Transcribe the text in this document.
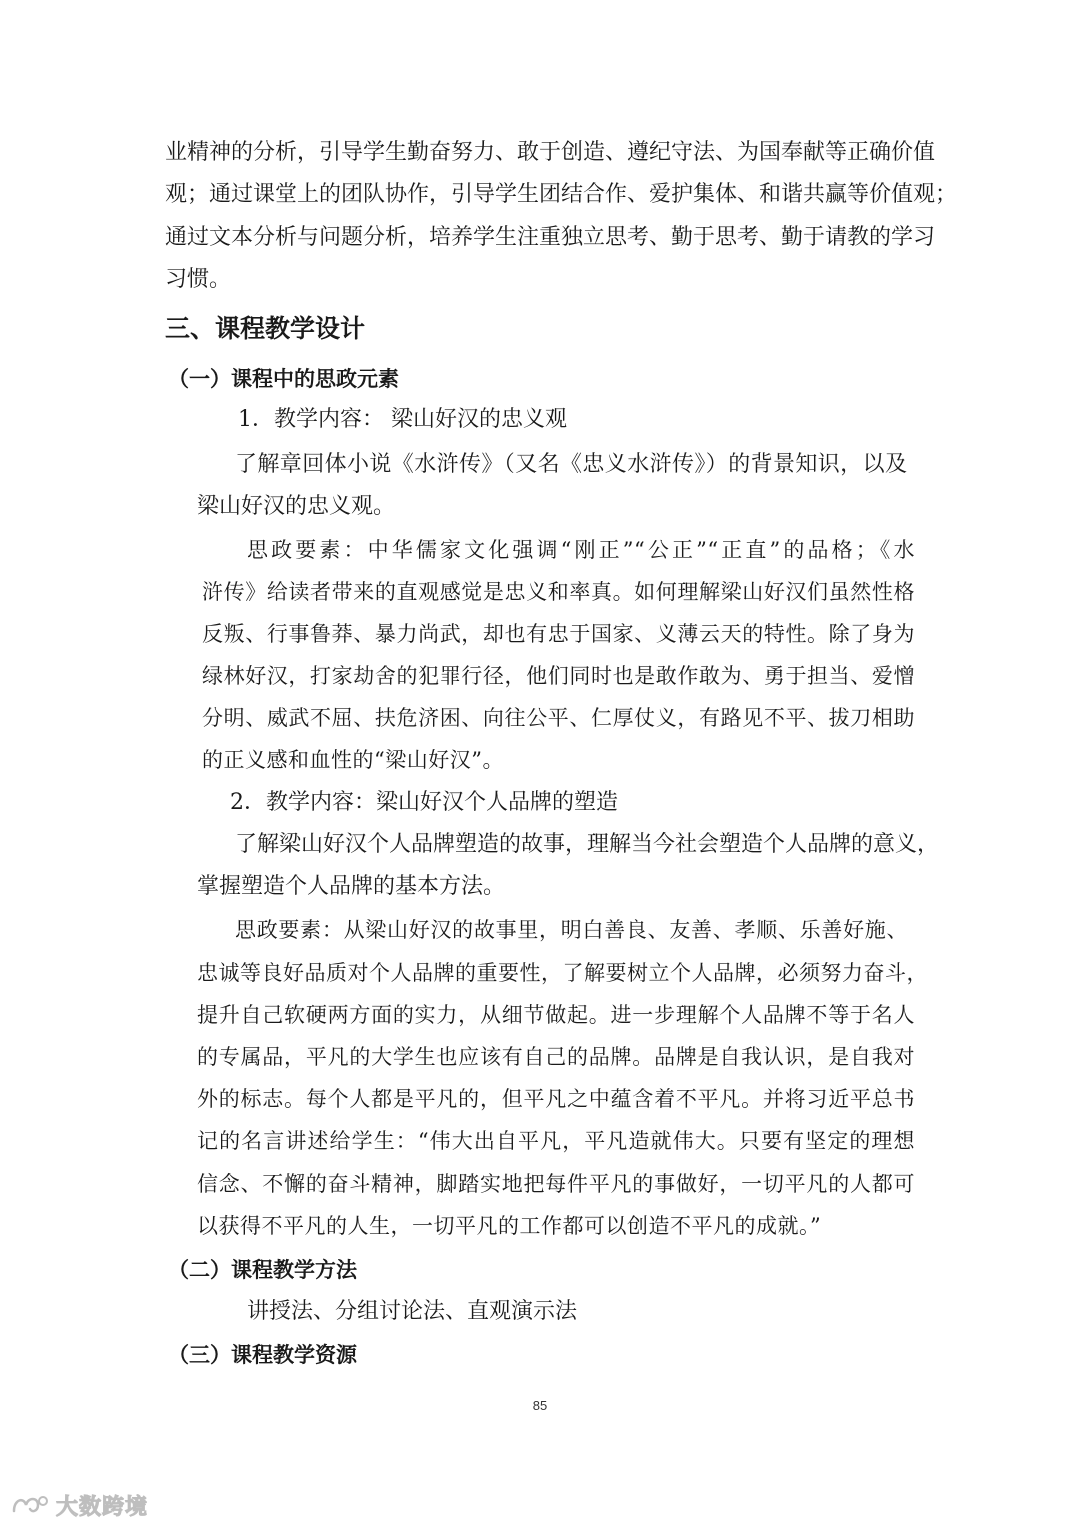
业精神的分析，引导学生勤奋努力、敢于创造、遵纪守法、为国奉献等正确价值
观；通过课堂上的团队协作，引导学生团结合作、爱护集体、和谐共赢等价值观；
通过文本分析与问题分析，培养学生注重独立思考、勤于思考、勤于请教的学习
习惯。
三、课程教学设计
（一）课程中的思政元素
1．教学内容： 梁山好汉的忠义观
了解章回体小说《水浒传》（又名《忠义水浒传》）的背景知识，以及
梁山好汉的忠义观。
思政要素：中华儒家文化强调“刚正”“公正”“正直”的品格；《水
浒传》给读者带来的直观感觉是忠义和率真。如何理解梁山好汉们虽然性格
反叛、行事鲁莽、暴力尚武，却也有忠于国家、义薄云天的特性。除了身为
绿林好汉，打家劫舍的犯罪行径，他们同时也是敢作敢为、勇于担当、爱憎
分明、威武不屈、扶危济困、向往公平、仁厚仗义，有路见不平、拔刀相助
的正义感和血性的“梁山好汉”。
2．教学内容：梁山好汉个人品牌的塑造
了解梁山好汉个人品牌塑造的故事，理解当今社会塑造个人品牌的意义，
掌握塑造个人品牌的基本方法。
思政要素：从梁山好汉的故事里，明白善良、友善、孝顺、乐善好施、
忠诚等良好品质对个人品牌的重要性，了解要树立个人品牌，必须努力奋斗，
提升自己软硬两方面的实力，从细节做起。进一步理解个人品牌不等于名人
的专属品，平凡的大学生也应该有自己的品牌。品牌是自我认识，是自我对
外的标志。每个人都是平凡的，但平凡之中蕴含着不平凡。并将习近平总书
记的名言讲述给学生：“伟大出自平凡，平凡造就伟大。只要有坚定的理想
信念、不懈的奋斗精神，脚踏实地把每件平凡的事做好，一切平凡的人都可
以获得不平凡的人生，一切平凡的工作都可以创造不平凡的成就。”
（二）课程教学方法
讲授法、分组讨论法、直观演示法
（三）课程教学资源
85
大数跨境
